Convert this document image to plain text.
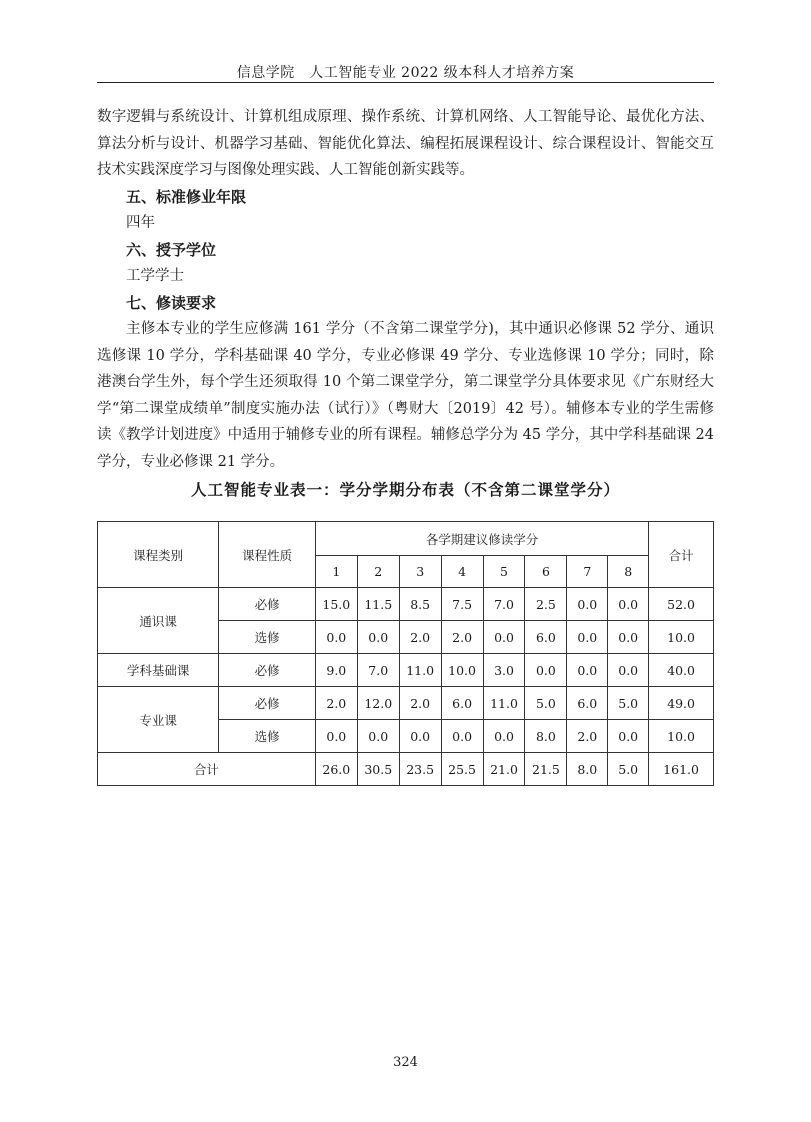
信息学院　人工智能专业 2022 级本科人才培养方案

数字逻辑与系统设计、计算机组成原理、操作系统、计算机网络、人工智能导论、最优化方法、算法分析与设计、机器学习基础、智能优化算法、编程拓展课程设计、综合课程设计、智能交互技术实践深度学习与图像处理实践、人工智能创新实践等。

五、标准修业年限

四年

六、授予学位

工学学士

七、修读要求

主修本专业的学生应修满 161 学分（不含第二课堂学分)，其中通识必修课 52 学分、通识选修课 10 学分，学科基础课 40 学分，专业必修课 49 学分、专业选修课 10 学分；同时，除港澳台学生外，每个学生还须取得 10 个第二课堂学分，第二课堂学分具体要求见《广东财经大学“第二课堂成绩单”制度实施办法（试行）》（粤财大〔2019〕42 号）。辅修本专业的学生需修读《教学计划进度》中适用于辅修专业的所有课程。辅修总学分为 45 学分，其中学科基础课 24 学分，专业必修课 21 学分。

人工智能专业表一：学分学期分布表（不含第二课堂学分）
课程类别	课程性质	各学期建议修读学分								合计
		1	2	3	4	5	6	7	8	
通识课	必修	15.0	11.5	8.5	7.5	7.0	2.5	0.0	0.0	52.0
	选修	0.0	0.0	2.0	2.0	0.0	6.0	0.0	0.0	10.0
学科基础课	必修	9.0	7.0	11.0	10.0	3.0	0.0	0.0	0.0	40.0
专业课	必修	2.0	12.0	2.0	6.0	11.0	5.0	6.0	5.0	49.0
	选修	0.0	0.0	0.0	0.0	0.0	8.0	2.0	0.0	10.0
合计		26.0	30.5	23.5	25.5	21.0	21.5	8.0	5.0	161.0
324
